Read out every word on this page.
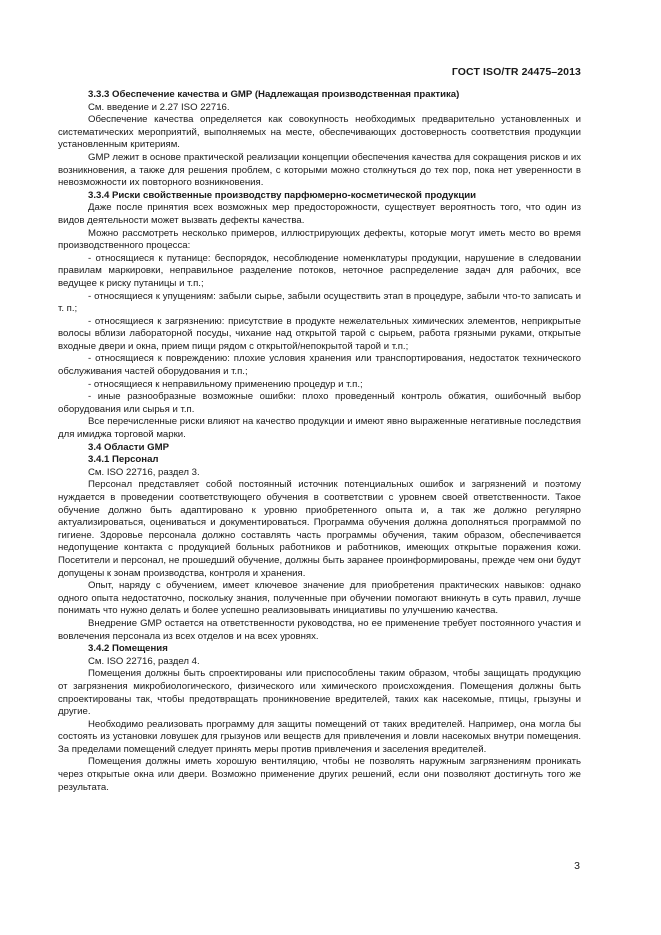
ГОСТ ISO/TR 24475–2013

3.3.3 Обеспечение качества и GMP (Надлежащая производственная практика)

См. введение и 2.27 ISO 22716.

Обеспечение качества определяется как совокупность необходимых предварительно установленных и систематических мероприятий, выполняемых на месте, обеспечивающих достоверность соответствия продукции установленным критериям.

GMP лежит в основе практической реализации концепции обеспечения качества для сокращения рисков и их возникновения, а также для решения проблем, с которыми можно столкнуться до тех пор, пока нет уверенности в невозможности их повторного возникновения.

3.3.4 Риски свойственные производству парфюмерно-косметической продукции

Даже после принятия всех возможных мер предосторожности, существует вероятность того, что один из видов деятельности может вызвать дефекты качества.

Можно рассмотреть несколько примеров, иллюстрирующих дефекты, которые могут иметь место во время производственного процесса:

- относящиеся к путанице: беспорядок, несоблюдение номенклатуры продукции, нарушение в следовании правилам маркировки, неправильное разделение потоков, неточное распределение задач для рабочих, все ведущее к риску путаницы и т.п.;

- относящиеся к упущениям: забыли сырье, забыли осуществить этап в процедуре, забыли что-то записать и т. п.;

- относящиеся к загрязнению: присутствие в продукте нежелательных химических элементов, неприкрытые волосы вблизи лабораторной посуды, чихание над открытой тарой с сырьем, работа грязными руками, открытые входные двери и окна, прием пищи рядом с открытой/непокрытой тарой и т.п.;

- относящиеся к повреждению: плохие условия хранения или транспортирования, недостаток технического обслуживания частей оборудования и т.п.;

- относящиеся к неправильному применению процедур и т.п.;

- иные разнообразные возможные ошибки: плохо проведенный контроль обжатия, ошибочный выбор оборудования или сырья и т.п.

Все перечисленные риски влияют на качество продукции и имеют явно выраженные негативные последствия для имиджа торговой марки.

3.4 Области GMP

3.4.1 Персонал

См. ISO 22716, раздел 3.

Персонал представляет собой постоянный источник потенциальных ошибок и загрязнений и поэтому нуждается в проведении соответствующего обучения в соответствии с уровнем своей ответственности. Такое обучение должно быть адаптировано к уровню приобретенного опыта и, а так же должно регулярно актуализироваться, оцениваться и документироваться. Программа обучения должна дополняться программой по гигиене. Здоровье персонала должно составлять часть программы обучения, таким образом, обеспечивается недопущение контакта с продукцией больных работников и работников, имеющих открытые поражения кожи. Посетители и персонал, не прошедший обучение, должны быть заранее проинформированы, прежде чем они будут допущены к зонам производства, контроля и хранения.

Опыт, наряду с обучением, имеет ключевое значение для приобретения практических навыков: однако одного опыта недостаточно, поскольку знания, полученные при обучении помогают вникнуть в суть правил, лучше понимать что нужно делать и более успешно реализовывать инициативы по улучшению качества.

Внедрение GMP остается на ответственности руководства, но ее применение требует постоянного участия и вовлечения персонала из всех отделов и на всех уровнях.

3.4.2 Помещения

См. ISO 22716, раздел 4.

Помещения должны быть спроектированы или приспособлены таким образом, чтобы защищать продукцию от загрязнения микробиологического, физического или химического происхождения. Помещения должны быть спроектированы так, чтобы предотвращать проникновение вредителей, таких как насекомые, птицы, грызуны и другие.

Необходимо реализовать программу для защиты помещений от таких вредителей. Например, она могла бы состоять из установки ловушек для грызунов или веществ для привлечения и ловли насекомых внутри помещения. За пределами помещений следует принять меры против привлечения и заселения вредителей.

Помещения должны иметь хорошую вентиляцию, чтобы не позволять наружным загрязнениям проникать через открытые окна или двери. Возможно применение других решений, если они позволяют достигнуть того же результата.

3
